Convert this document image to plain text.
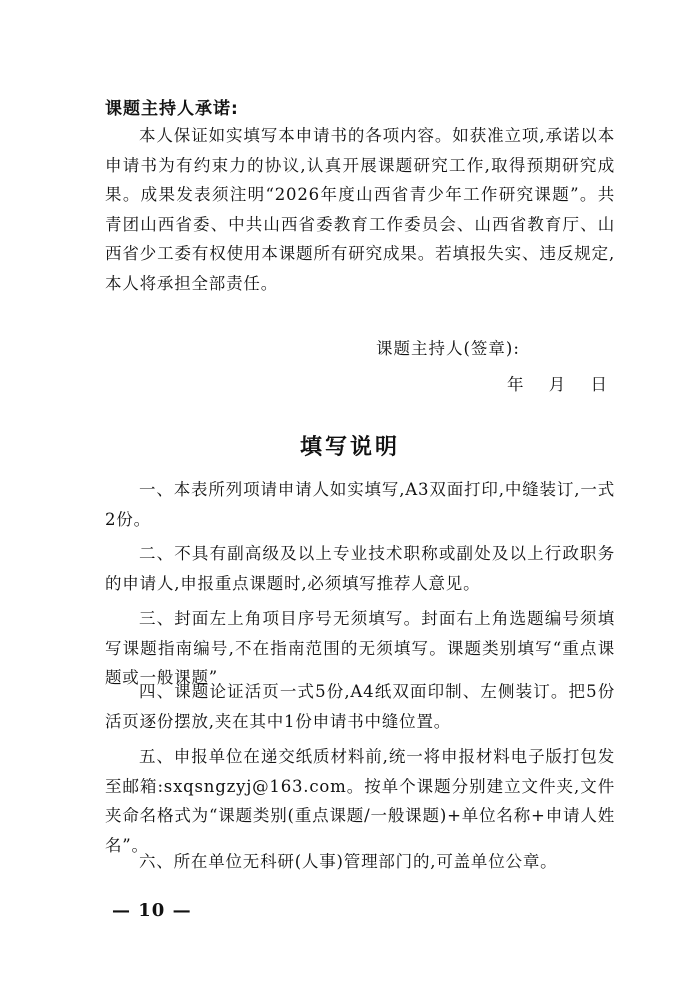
课题主持人承诺:

本人保证如实填写本申请书的各项内容。如获准立项,承诺以本申请书为有约束力的协议,认真开展课题研究工作,取得预期研究成果。成果发表须注明“2026年度山西省青少年工作研究课题”。共青团山西省委、中共山西省委教育工作委员会、山西省教育厅、山西省少工委有权使用本课题所有研究成果。若填报失实、违反规定,本人将承担全部责任。

课题主持人(签章):
年 月 日
填写说明
一、本表所列项请申请人如实填写,A3双面打印,中缝装订,一式2份。
二、不具有副高级及以上专业技术职称或副处及以上行政职务的申请人,申报重点课题时,必须填写推荐人意见。
三、封面左上角项目序号无须填写。封面右上角选题编号须填写课题指南编号,不在指南范围的无须填写。课题类别填写“重点课题或一般课题”
四、课题论证活页一式5份,A4纸双面印制、左侧装订。把5份活页逐份摆放,夹在其中1份申请书中缝位置。
五、申报单位在递交纸质材料前,统一将申报材料电子版打包发至邮箱:sxqsngzyj@163.com。按单个课题分别建立文件夹,文件夹命名格式为“课题类别(重点课题/一般课题)+单位名称+申请人姓名”。
六、所在单位无科研(人事)管理部门的,可盖单位公章。
— 10 —
